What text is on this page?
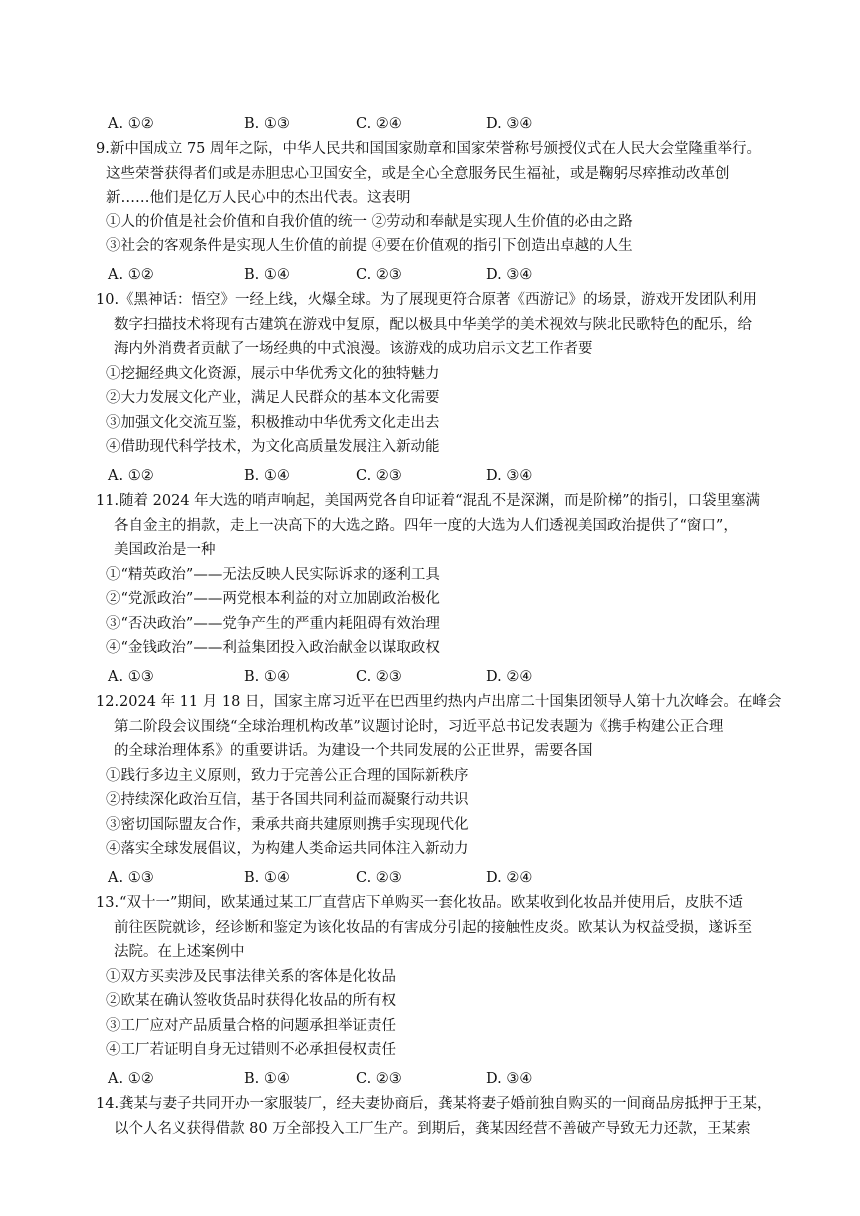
A. ①②	B. ①③	C. ②④	D. ③④
9.新中国成立 75 周年之际，中华人民共和国国家勋章和国家荣誉称号颁授仪式在人民大会堂隆重举行。
这些荣誉获得者们或是赤胆忠心卫国安全，或是全心全意服务民生福祉，或是鞠躬尽瘁推动改革创
新……他们是亿万人民心中的杰出代表。这表明
①人的价值是社会价值和自我价值的统一 ②劳动和奉献是实现人生价值的必由之路
③社会的客观条件是实现人生价值的前提 ④要在价值观的指引下创造出卓越的人生
A. ①②	B. ①④	C. ②③	D. ③④
10.《黑神话：悟空》一经上线，火爆全球。为了展现更符合原著《西游记》的场景，游戏开发团队利用
数字扫描技术将现有古建筑在游戏中复原，配以极具中华美学的美术视效与陕北民歌特色的配乐，给
海内外消费者贡献了一场经典的中式浪漫。该游戏的成功启示文艺工作者要
①挖掘经典文化资源，展示中华优秀文化的独特魅力
②大力发展文化产业，满足人民群众的基本文化需要
③加强文化交流互鉴，积极推动中华优秀文化走出去
④借助现代科学技术，为文化高质量发展注入新动能
A. ①②	B. ①④	C. ②③	D. ③④
11.随着 2024 年大选的哨声响起，美国两党各自印证着“混乱不是深渊，而是阶梯”的指引，口袋里塞满
各自金主的捐款，走上一决高下的大选之路。四年一度的大选为人们透视美国政治提供了“窗口”，
美国政治是一种
①“精英政治”——无法反映人民实际诉求的逐利工具
②“党派政治”——两党根本利益的对立加剧政治极化
③“否决政治”——党争产生的严重内耗阻碍有效治理
④“金钱政治”——利益集团投入政治献金以谋取政权
A. ①③	B. ①④	C. ②③	D. ②④
12.2024 年 11 月 18 日，国家主席习近平在巴西里约热内卢出席二十国集团领导人第十九次峰会。在峰会
第二阶段会议围绕“全球治理机构改革”议题讨论时，习近平总书记发表题为《携手构建公正合理
的全球治理体系》的重要讲话。为建设一个共同发展的公正世界，需要各国
①践行多边主义原则，致力于完善公正合理的国际新秩序
②持续深化政治互信，基于各国共同利益而凝聚行动共识
③密切国际盟友合作，秉承共商共建原则携手实现现代化
④落实全球发展倡议，为构建人类命运共同体注入新动力
A. ①③	B. ①④	C. ②③	D. ②④
13.“双十一”期间，欧某通过某工厂直营店下单购买一套化妆品。欧某收到化妆品并使用后，皮肤不适
前往医院就诊，经诊断和鉴定为该化妆品的有害成分引起的接触性皮炎。欧某认为权益受损，遂诉至
法院。在上述案例中
①双方买卖涉及民事法律关系的客体是化妆品
②欧某在确认签收货品时获得化妆品的所有权
③工厂应对产品质量合格的问题承担举证责任
④工厂若证明自身无过错则不必承担侵权责任
A. ①②	B. ①④	C. ②③	D. ③④
14.龚某与妻子共同开办一家服装厂，经夫妻协商后，龚某将妻子婚前独自购买的一间商品房抵押于王某，
以个人名义获得借款 80 万全部投入工厂生产。到期后，龚某因经营不善破产导致无力还款，王某索
